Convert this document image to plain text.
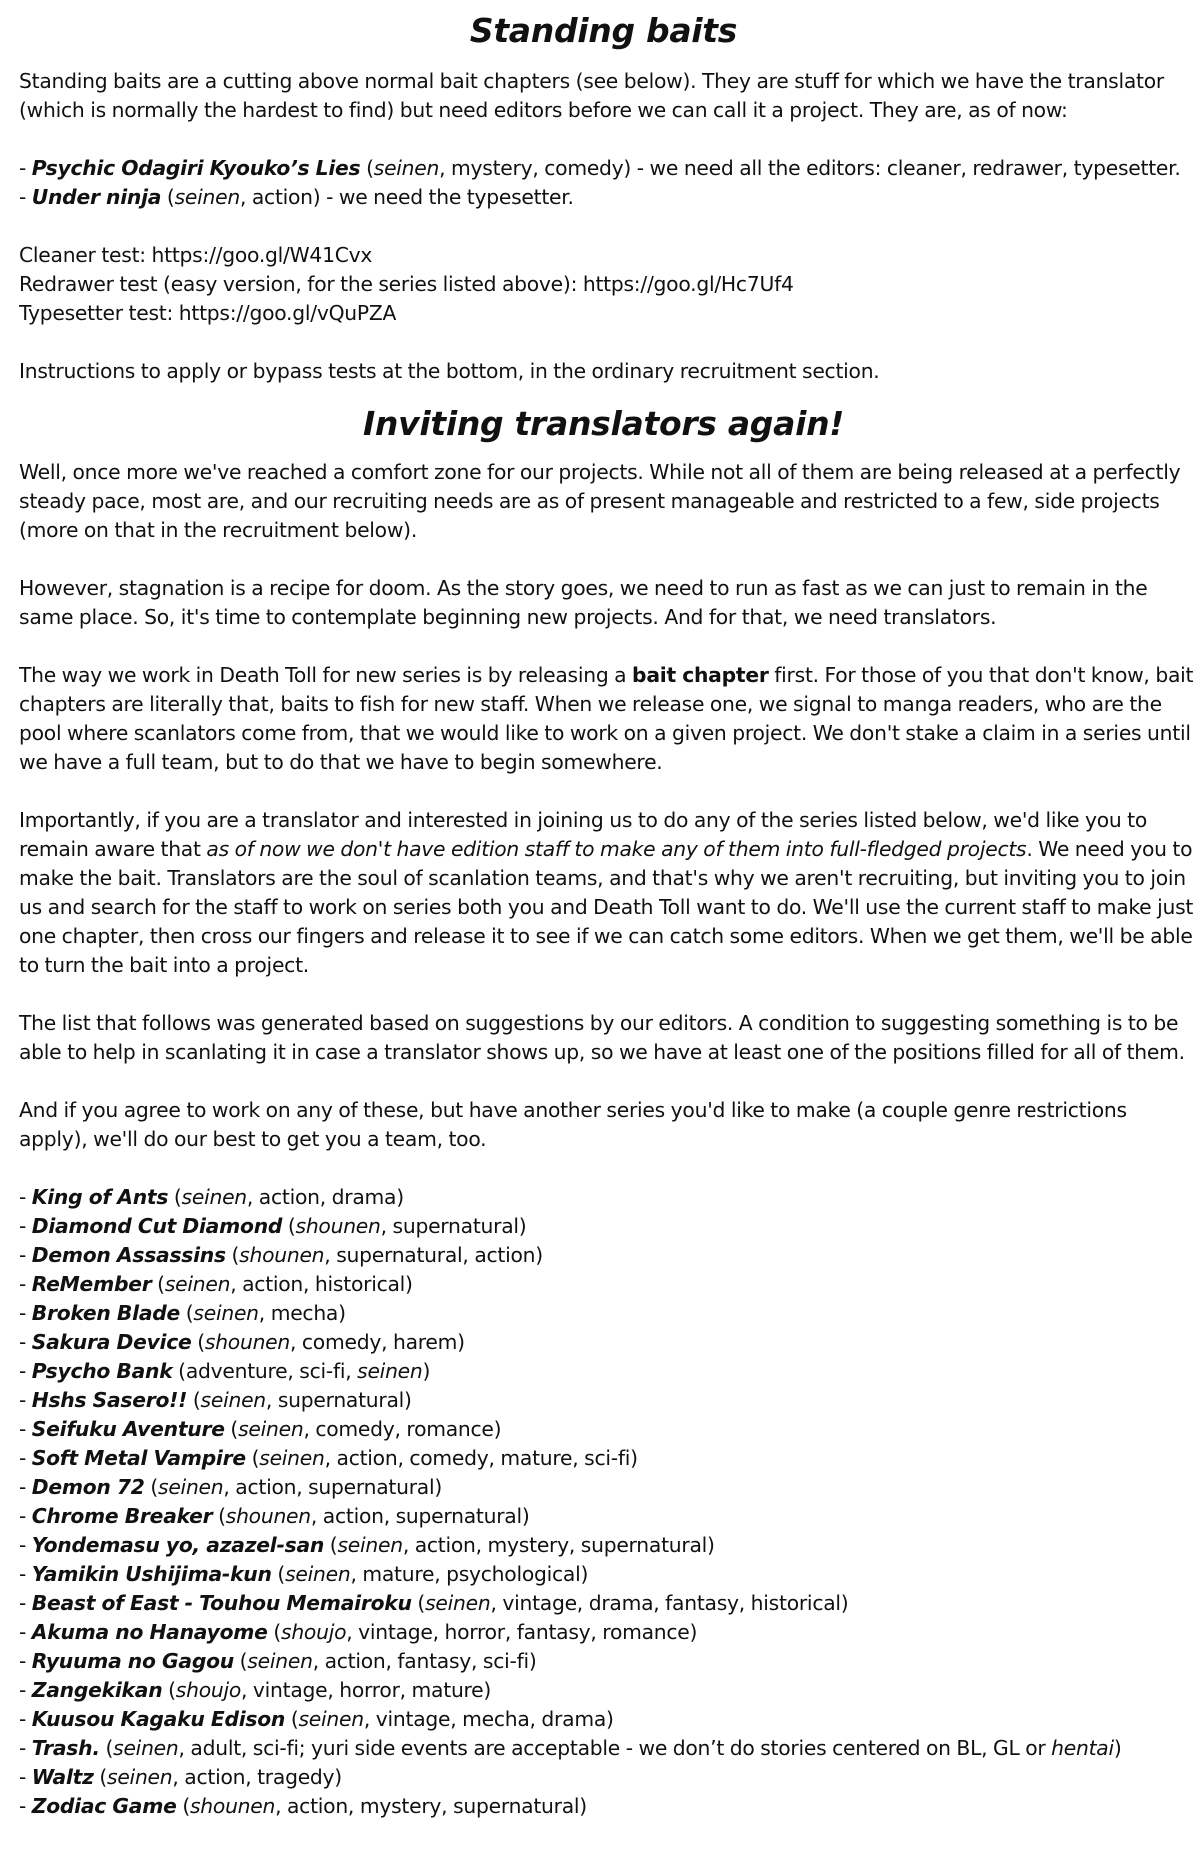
Standing baits

Standing baits are a cutting above normal bait chapters (see below). They are stuff for which we have the translator (which is normally the hardest to find) but need editors before we can call it a project. They are, as of now:

- Psychic Odagiri Kyouko’s Lies (seinen, mystery, comedy) - we need all the editors: cleaner, redrawer, typesetter.

- Under ninja (seinen, action) - we need the typesetter.

Cleaner test: https://goo.gl/W41Cvx

Redrawer test (easy version, for the series listed above): https://goo.gl/Hc7Uf4

Typesetter test: https://goo.gl/vQuPZA

Instructions to apply or bypass tests at the bottom, in the ordinary recruitment section.

Inviting translators again!

Well, once more we've reached a comfort zone for our projects. While not all of them are being released at a perfectly steady pace, most are, and our recruiting needs are as of present manageable and restricted to a few, side projects (more on that in the recruitment below).

However, stagnation is a recipe for doom. As the story goes, we need to run as fast as we can just to remain in the same place. So, it's time to contemplate beginning new projects. And for that, we need translators.

The way we work in Death Toll for new series is by releasing a bait chapter first. For those of you that don't know, bait chapters are literally that, baits to fish for new staff. When we release one, we signal to manga readers, who are the pool where scanlators come from, that we would like to work on a given project. We don't stake a claim in a series until we have a full team, but to do that we have to begin somewhere.

Importantly, if you are a translator and interested in joining us to do any of the series listed below, we'd like you to remain aware that as of now we don't have edition staff to make any of them into full-fledged projects. We need you to make the bait. Translators are the soul of scanlation teams, and that's why we aren't recruiting, but inviting you to join us and search for the staff to work on series both you and Death Toll want to do. We'll use the current staff to make just one chapter, then cross our fingers and release it to see if we can catch some editors. When we get them, we'll be able to turn the bait into a project.

The list that follows was generated based on suggestions by our editors. A condition to suggesting something is to be able to help in scanlating it in case a translator shows up, so we have at least one of the positions filled for all of them.

And if you agree to work on any of these, but have another series you'd like to make (a couple genre restrictions apply), we'll do our best to get you a team, too.

- King of Ants (seinen, action, drama)

- Diamond Cut Diamond (shounen, supernatural)

- Demon Assassins (shounen, supernatural, action)

- ReMember (seinen, action, historical)

- Broken Blade (seinen, mecha)

- Sakura Device (shounen, comedy, harem)

- Psycho Bank (adventure, sci-fi, seinen)

- Hshs Sasero!! (seinen, supernatural)

- Seifuku Aventure (seinen, comedy, romance)

- Soft Metal Vampire (seinen, action, comedy, mature, sci-fi)

- Demon 72 (seinen, action, supernatural)

- Chrome Breaker (shounen, action, supernatural)

- Yondemasu yo, azazel-san (seinen, action, mystery, supernatural)

- Yamikin Ushijima-kun (seinen, mature, psychological)

- Beast of East - Touhou Memairoku (seinen, vintage, drama, fantasy, historical)

- Akuma no Hanayome (shoujo, vintage, horror, fantasy, romance)

- Ryuuma no Gagou (seinen, action, fantasy, sci-fi)

- Zangekikan (shoujo, vintage, horror, mature)

- Kuusou Kagaku Edison (seinen, vintage, mecha, drama)

- Trash. (seinen, adult, sci-fi; yuri side events are acceptable - we don’t do stories centered on BL, GL or hentai)

- Waltz (seinen, action, tragedy)

- Zodiac Game (shounen, action, mystery, supernatural)
